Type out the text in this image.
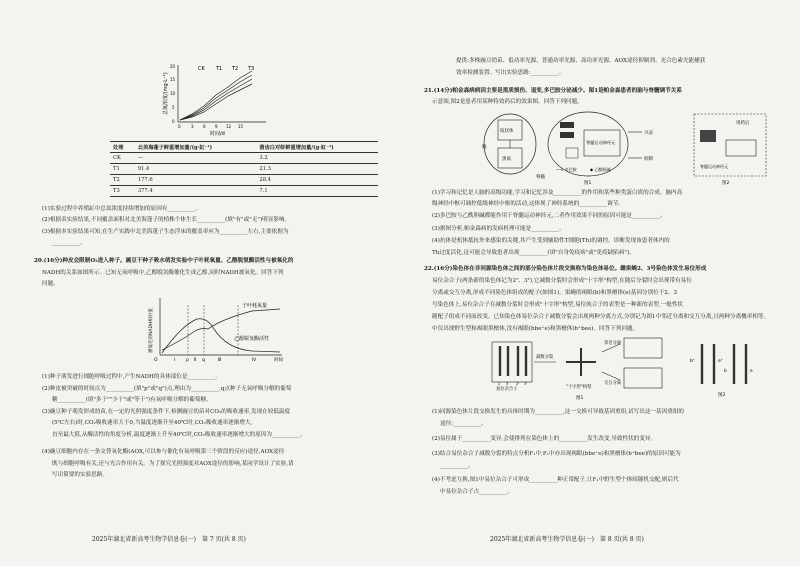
总氮浓度/(mg·L⁻¹)
时间/d
CK T1 T2 T3
0	3 6 9 12 15
0
5
10
15
20
处理	北美海蓬子鲜重增加量/(g·缸⁻¹)	凿齿白对虾鲜重增加量/(g·缸⁻¹)
CK	—	3.2
T1	91.4	21.3
T2	177.6	28.4
T3	377.4	7.1
(1)实验过程中养殖缸中总氮浓度持续增加的原因有__________。
(2)根据表实验结果,不同覆盖面积对北美海蓬子的植株个体生长__________(填"有"或"无")明显影响。
(3)根据本实验结果可知,在生产实践中北美海蓬子生态浮床的覆盖率应为__________左右,主要依据为
__________。
20.(16分)种皮会限制O₂进入种子。豌豆干种子吸水萌发实验中子叶耗氧量、乙醇脱氢酶活性与被氧化的
NADH的关系如图所示。已知无氧呼吸中,乙醇脱氢酶催化生成乙醇,同时NADH被氧化。回答下列
问题。
被氧化的NADH相对值
子叶耗氧量
乙醇脱氢酶活性
O	Ⅰ p	q
Ⅱ	Ⅲ	Ⅳ	时间
(1)种子萌发进行细胞呼吸过程中,产生NADH的具体部位是__________。
(2)种皮被突破的时间点为__________(填"p"或"q")点,理由为__________,q点种子无氧呼吸分解的葡萄
糖__________(填"多于""少于"或"等于")有氧呼吸分解的葡萄糖。
(3)豌豆种子萌发形成幼苗,在一定的光照强度条件下,检测豌豆幼苗对CO₂的吸收速率,发现在较低温度
(5℃左右)时,CO₂吸收速率大于0,当温度逐渐升至40℃时,CO₂吸收速率逐渐增大,
直至最大值,从酶活性的角度分析,温度逐渐上升至40℃时,CO₂吸收速率逐渐增大的原因为__________。
(4)豌豆细胞内存在一条交替氧化酶(AOX,可以参与催化有氧呼吸第三个阶段的反应)途径,AOX途径
既与细胞呼吸有关,还与光合作用有关。为了探究光照强度对AOX途径的影响,某同学设计了实验,请
写出简要的实验思路。
2025年湖北省新高考生物学信息卷(一)　第 7 页(共 8 页)
提供:多株豌豆幼苗、低功率光源、普通功率光源、高功率光源、AOX途径抑制剂、光合色素光能捕获
效率检测装置。写出实验思路:__________。
21.(14分)帕金森病病因主要是黑质损伤、退变,多巴胺分泌减少。图1是帕金森患者的脑与脊髓调节关系
示意图,图2是患者用某种特效药后的效果图。回答下列问题。
纹状体
黑质
脑
脊髓
兴奋
抑制
脊髓运动神经元
—< 多巴胺	◆ 乙酰胆碱
图1
用药后
脊髓运动神经元
图2
(1)学习和记忆是人脑的高级功能,学习和记忆涉及__________的作用和某些种类蛋白质的合成。脑内高
级神经中枢可调控低级神经中枢的活动,这体现了神经系统的__________调节。
(2)多巴胺与乙酰胆碱都能作用于脊髓运动神经元,二者作用效果不同的原因可能是__________。
(3)据图分析,帕金森病的发病机理可能是__________。
(4)抗体是机体抵抗外来感染的关键,其产生受到辅助性T细胞(Th)的调控。诊断发现该患者体内的
Th过度活化,这可能会导致患者出现__________(填"自身免疫病"或"免疫缺陷病")。
22.(16分)染色体在非同源染色体之间的部分染色体片段交换称为染色体易位。雌果蝇2、3号染色体发生易位形成
易位杂合子(两条新的染色体记为2ᵀ、3ᵀ),它减数分裂时会形成"十字形"构型,在随后分裂时会出现带有易位
分离或交互分离,形成不同染色体组成的配子(如图1)。果蝇的褐眼(b)和黑檀体(e)基因分别位于2、3
号染色体上,易位杂合子在减数分裂时会形成"十字形"构型,易位纯合子的表型是一种新的表型,一般性状
随配子组成不同而改变。已知染色体易位杂合子减数分裂会出现两种分离方式,分别记为图1中邻近分离和交互分离,且两种分离概率相等。
中仅出现野生型和褐眼黑檀体,没有褐眼(bbe⁺e)和黑檀体(b⁺bee)。回答下列问题。
减数分裂
易位杂合子	"十字形"构型
邻近分离
交互分离
2 3 2ᵀ 3ᵀ
图1
b⁺	e⁺
b	e
图2
(1)同源染色体片段交换发生的具体时期为__________,这一交换可导致基因重组,试写出这一基因重组的
途径:__________。
(2)易位属于__________变异,会使排列在染色体上的__________发生改变,导致性状的变异。
(3)结合易位杂合子减数分裂的特点分析F₁中,F₁中亦出现褐眼(bbe⁺e)和黑檀体(b⁺bee)的原因可能为
__________。
(4)不考虑互换,图1中易位杂合子可形成__________种正常配子,让F₁中野生型个体间随机交配,则后代
中易位杂合子占__________。
2025年湖北省新高考生物学信息卷(一)　第 8 页(共 8 页)
